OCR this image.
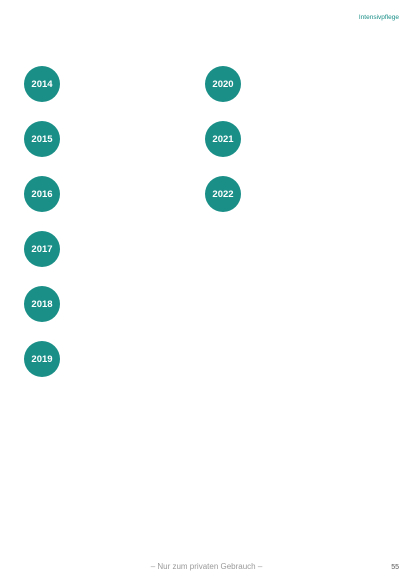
Intensivpflege
2014
2015
2016
2017
2018
2019
2020
2021
2022
– Nur zum privaten Gebrauch –	55
